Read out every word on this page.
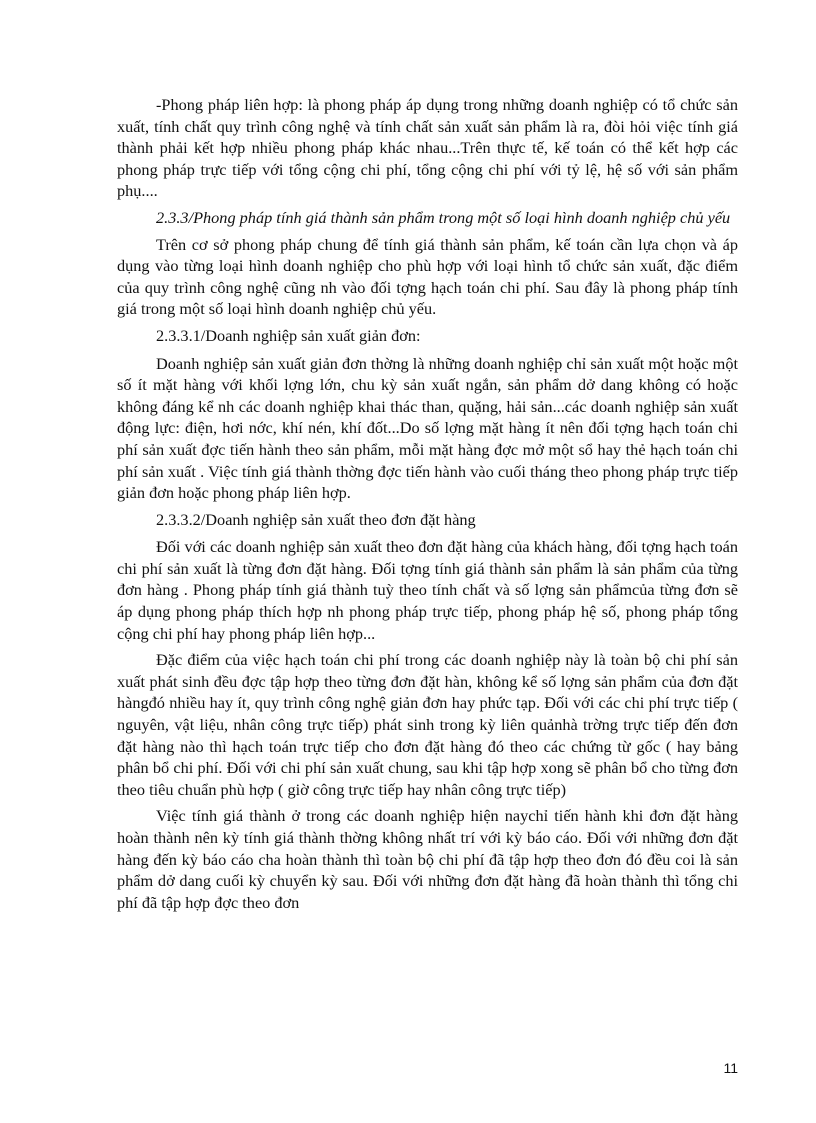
-Phong pháp liên hợp: là phong pháp áp dụng trong những doanh nghiệp có tổ chức sản xuất, tính chất quy trình công nghệ và tính chất sản xuất sản phẩm là ra, đòi hỏi việc tính giá thành phải kết hợp nhiều phong pháp khác nhau...Trên thực tế, kế toán có thể kết hợp các phong pháp trực tiếp với tổng cộng chi phí, tổng cộng chi phí với tỷ lệ, hệ số với sản phẩm phụ....

2.3.3/Phong pháp tính giá thành sản phẩm trong một số loại hình doanh nghiệp chủ yếu

Trên cơ sở phong pháp chung để tính giá thành sản phẩm, kế toán cần lựa chọn và áp dụng vào từng loại hình doanh nghiệp cho phù hợp với loại hình tổ chức sản xuất, đặc điểm của quy trình công nghệ cũng nh vào đối tợng hạch toán chi phí. Sau đây là phong pháp tính giá trong một số loại hình doanh nghiệp chủ yếu.

2.3.3.1/Doanh nghiệp sản xuất giản đơn:

Doanh nghiệp sản xuất giản đơn thờng là những doanh nghiệp chỉ sản xuất một hoặc một số ít mặt hàng với khối lợng lớn, chu kỳ sản xuất ngắn, sản phẩm dở dang không có hoặc không đáng kể nh các doanh nghiệp khai thác than, quặng, hải sản...các doanh nghiệp sản xuất động lực: điện, hơi nớc, khí nén, khí đốt...Do số lợng mặt hàng ít nên đối tợng hạch toán chi phí sản xuất đợc tiến hành theo sản phẩm, mỗi mặt hàng đợc mở một sổ hay thẻ hạch toán chi phí sản xuất . Việc tính giá thành thờng đợc tiến hành vào cuối tháng theo phong pháp trực tiếp giản đơn hoặc phong pháp liên hợp.

2.3.3.2/Doanh nghiệp sản xuất theo đơn đặt hàng

Đối với các doanh nghiệp sản xuất theo đơn đặt hàng của khách hàng, đối tợng hạch toán chi phí sản xuất là từng đơn đặt hàng. Đối tợng tính giá thành sản phẩm là sản phẩm của từng đơn hàng . Phong pháp tính giá thành tuỳ theo tính chất và số lợng sản phẩmcủa từng đơn sẽ áp dụng phong pháp thích hợp nh phong pháp trực tiếp, phong pháp hệ số, phong pháp tổng cộng chi phí hay phong pháp liên hợp...

Đặc điểm của việc hạch toán chi phí trong các doanh nghiệp này là toàn bộ chi phí sản xuất phát sinh đều đợc tập hợp theo từng đơn đặt hàn, không kể số lợng sản phẩm của đơn đặt hàngđó nhiều hay ít, quy trình công nghệ giản đơn hay phức tạp. Đối với các chi phí trực tiếp ( nguyên, vật liệu, nhân công trực tiếp) phát sinh trong kỳ liên quảnhà trờng trực tiếp đến đơn đặt hàng nào thì hạch toán trực tiếp cho đơn đặt hàng đó theo các chứng từ gốc ( hay bảng phân bổ chi phí. Đối với chi phí sản xuất chung, sau khi tập hợp xong sẽ phân bổ cho từng đơn theo tiêu chuẩn phù hợp ( giờ công trực tiếp hay nhân công trực tiếp)

Việc tính giá thành ở trong các doanh nghiệp hiện naychỉ tiến hành khi đơn đặt hàng hoàn thành nên kỳ tính giá thành thờng không nhất trí với kỳ báo cáo. Đối với những đơn đặt hàng đến kỳ báo cáo cha hoàn thành thì toàn bộ chi phí đã tập hợp theo đơn đó đều coi là sản phẩm dở dang cuối kỳ chuyển kỳ sau. Đối với những đơn đặt hàng đã hoàn thành thì tổng chi phí đã tập hợp đợc theo đơn

11
